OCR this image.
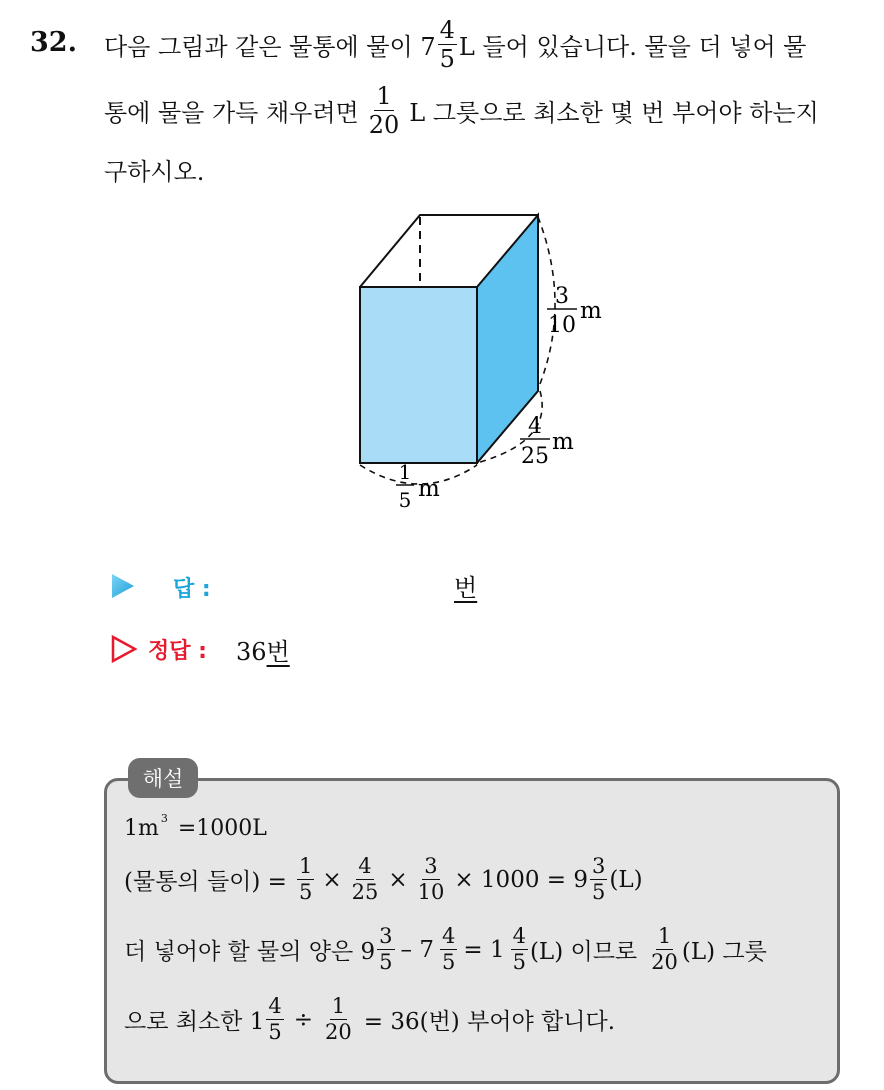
32. 다음 그림과 같은 물통에 물이 $7 \frac{4}{5}$ L 들어 있습니다. 물을 더 넣어 물
통에 물을 가득 채우려면 $\frac{1}{20}$ L 그릇으로 최소한 몇 번 부어야 하는지
구하시오.
3
10
m
4
25
m
1
5 m
답 :	번
정답 : 36번
해설
1m 3 =1000L
(물통의 들이) = $\frac{1}{5} \times \frac{4}{25} \times \frac{3}{10} \times 1000 = 9 \frac{3}{5} (L)$
더 넣어야 할 물의 양은 $9 \frac{3}{5} - 7 \frac{4}{5} = 1 \frac{4}{5} (L)$ 이므로 $\frac{1}{20} (L)$ 그릇
으로 최소한 $1 \frac{4}{5} \div \frac{1}{20} = 36$(번) 부어야 합니다.
